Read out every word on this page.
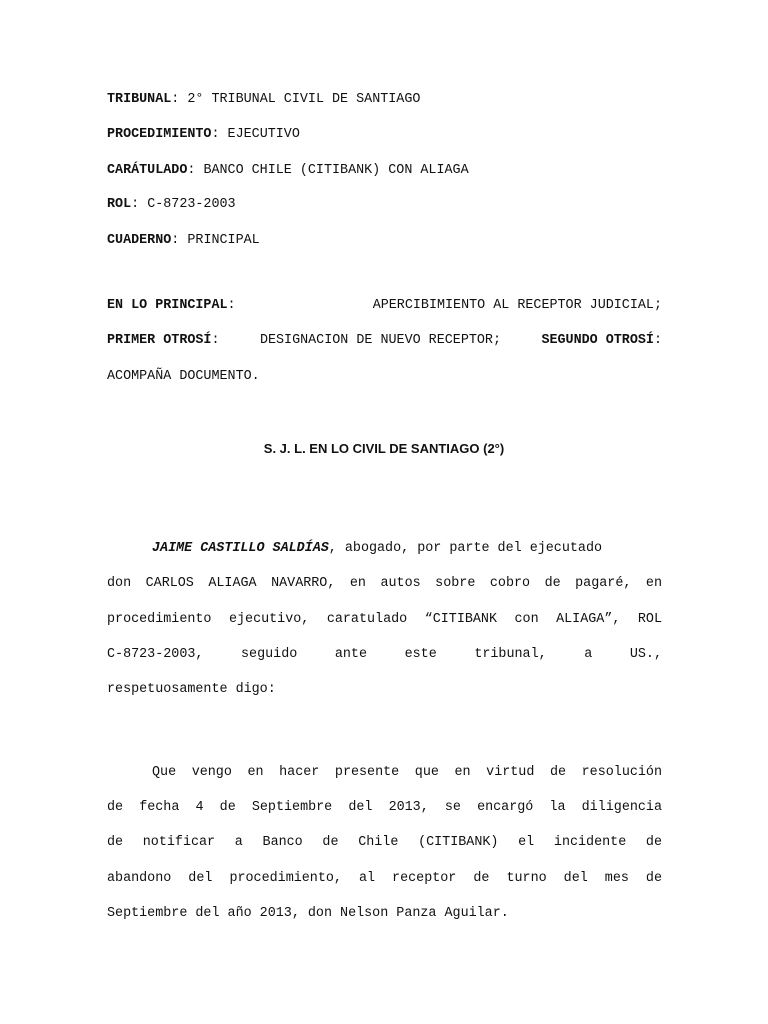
TRIBUNAL: 2° TRIBUNAL CIVIL DE SANTIAGO
PROCEDIMIENTO: EJECUTIVO
CARÁTULADO: BANCO CHILE (CITIBANK) CON ALIAGA
ROL: C-8723-2003
CUADERNO: PRINCIPAL
EN LO PRINCIPAL:	APERCIBIMIENTO AL RECEPTOR JUDICIAL;
PRIMER OTROSÍ:	DESIGNACION DE NUEVO RECEPTOR;	SEGUNDO OTROSÍ:
ACOMPAÑA DOCUMENTO.
S. J. L. EN LO CIVIL DE SANTIAGO (2°)
JAIME CASTILLO SALDÍAS, abogado, por parte del ejecutado
don CARLOS ALIAGA NAVARRO, en autos sobre cobro de pagaré, en
procedimiento ejecutivo, caratulado “CITIBANK con ALIAGA”, ROL
C-8723-2003, seguido ante este tribunal, a US.,
respetuosamente digo:
Que vengo en hacer presente que en virtud de resolución
de fecha 4 de Septiembre del 2013, se encargó la diligencia
de notificar a Banco de Chile (CITIBANK) el incidente de
abandono del procedimiento, al receptor de turno del mes de
Septiembre del año 2013, don Nelson Panza Aguilar.
